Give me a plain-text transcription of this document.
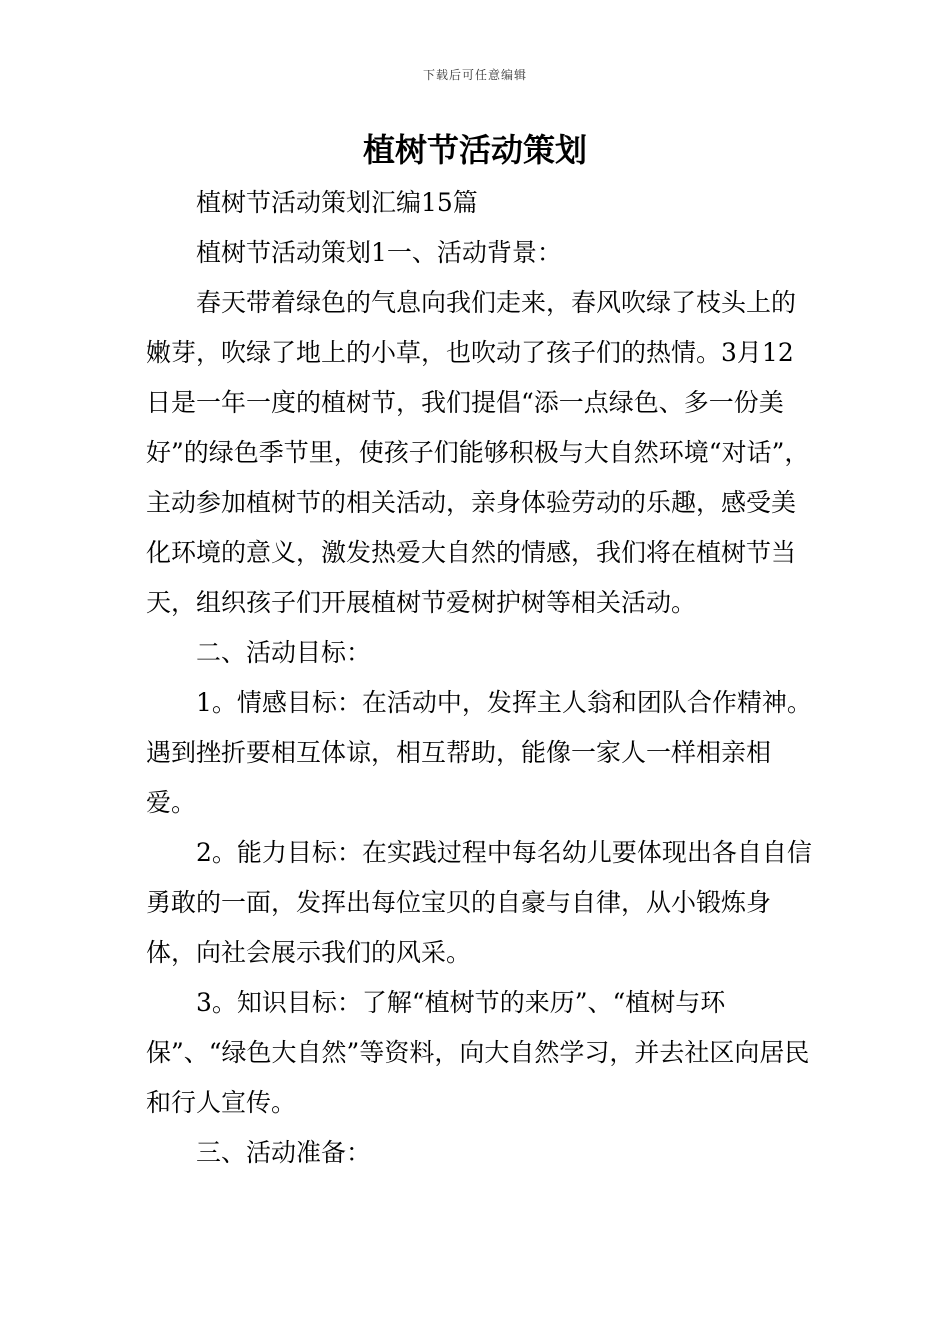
下载后可任意编辑
植树节活动策划

植树节活动策划汇编15篇

植树节活动策划1一、活动背景：

春天带着绿色的气息向我们走来，春风吹绿了枝头上的嫩芽，吹绿了地上的小草，也吹动了孩子们的热情。3月12日是一年一度的植树节，我们提倡“添一点绿色、多一份美好”的绿色季节里，使孩子们能够积极与大自然环境“对话”，主动参加植树节的相关活动，亲身体验劳动的乐趣，感受美化环境的意义，激发热爱大自然的情感，我们将在植树节当天，组织孩子们开展植树节爱树护树等相关活动。

二、活动目标：

1。情感目标：在活动中，发挥主人翁和团队合作精神。遇到挫折要相互体谅，相互帮助，能像一家人一样相亲相爱。

2。能力目标：在实践过程中每名幼儿要体现出各自自信勇敢的一面，发挥出每位宝贝的自豪与自律，从小锻炼身体，向社会展示我们的风采。

3。知识目标：了解“植树节的来历”、“植树与环保”、“绿色大自然”等资料，向大自然学习，并去社区向居民和行人宣传。

三、活动准备：
